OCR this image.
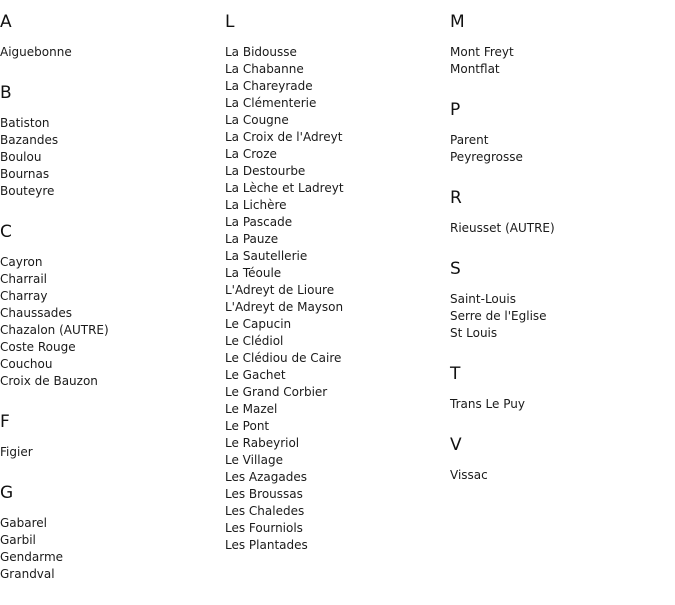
A
Aiguebonne
B
Batiston
Bazandes
Boulou
Bournas
Bouteyre
C
Cayron
Charrail
Charray
Chaussades
Chazalon (AUTRE)
Coste Rouge
Couchou
Croix de Bauzon
F
Figier
G
Gabarel
Garbil
Gendarme
Grandval
L
La Bidousse
La Chabanne
La Chareyrade
La Clémenterie
La Cougne
La Croix de l'Adreyt
La Croze
La Destourbe
La Lèche et Ladreyt
La Lichère
La Pascade
La Pauze
La Sautellerie
La Téoule
L'Adreyt de Lioure
L'Adreyt de Mayson
Le Capucin
Le Clédiol
Le Clédiou de Caire
Le Gachet
Le Grand Corbier
Le Mazel
Le Pont
Le Rabeyriol
Le Village
Les Azagades
Les Broussas
Les Chaledes
Les Fourniols
Les Plantades
M
Mont Freyt
Montflat
P
Parent
Peyregrosse
R
Rieusset (AUTRE)
S
Saint-Louis
Serre de l'Eglise
St Louis
T
Trans Le Puy
V
Vissac
